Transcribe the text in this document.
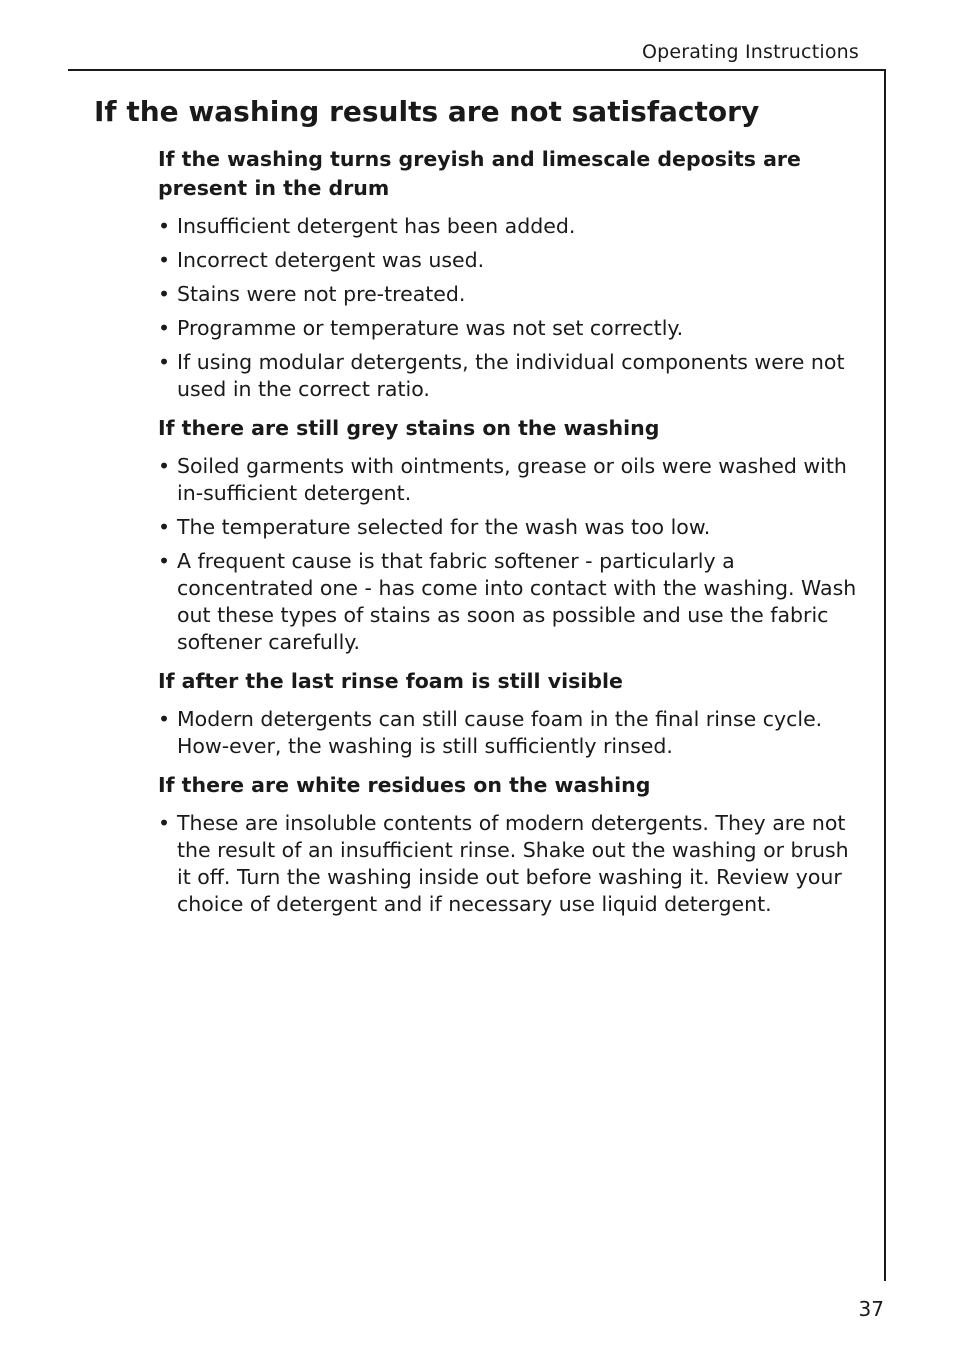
Operating Instructions
If the washing results are not satisfactory
If the washing turns greyish and limescale deposits are present in the drum
• Insufficient detergent has been added.
• Incorrect detergent was used.
• Stains were not pre-treated.
• Programme or temperature was not set correctly.
• If using modular detergents, the individual components were not used in the correct ratio.
If there are still grey stains on the washing
• Soiled garments with ointments, grease or oils were washed with in-sufficient detergent.
• The temperature selected for the wash was too low.
• A frequent cause is that fabric softener - particularly a concentrated one - has come into contact with the washing. Wash out these types of stains as soon as possible and use the fabric softener carefully.
If after the last rinse foam is still visible
• Modern detergents can still cause foam in the final rinse cycle. How-ever, the washing is still sufficiently rinsed.
If there are white residues on the washing
• These are insoluble contents of modern detergents. They are not the result of an insufficient rinse. Shake out the washing or brush it off. Turn the washing inside out before washing it. Review your choice of detergent and if necessary use liquid detergent.
37
